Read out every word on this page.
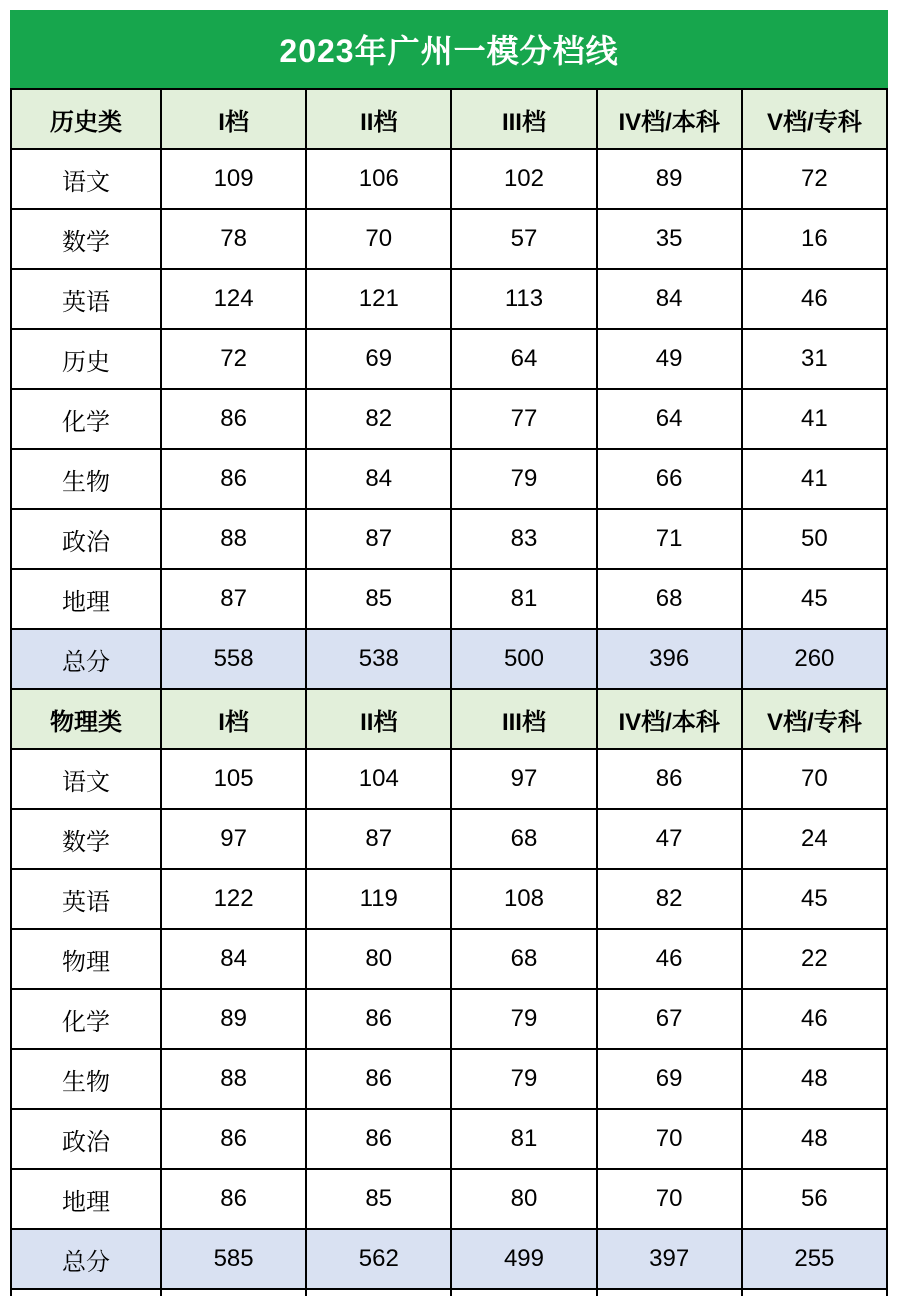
2023年广州一模分档线
历史类	I档	II档	III档	IV档/本科	V档/专科
语文	109	106	102	89	72
数学	78	70	57	35	16
英语	124	121	113	84	46
历史	72	69	64	49	31
化学	86	82	77	64	41
生物	86	84	79	66	41
政治	88	87	83	71	50
地理	87	85	81	68	45
总分	558	538	500	396	260
物理类	I档	II档	III档	IV档/本科	V档/专科
语文	105	104	97	86	70
数学	97	87	68	47	24
英语	122	119	108	82	45
物理	84	80	68	46	22
化学	89	86	79	67	46
生物	88	86	79	69	48
政治	86	86	81	70	48
地理	86	85	80	70	56
总分	585	562	499	397	255
